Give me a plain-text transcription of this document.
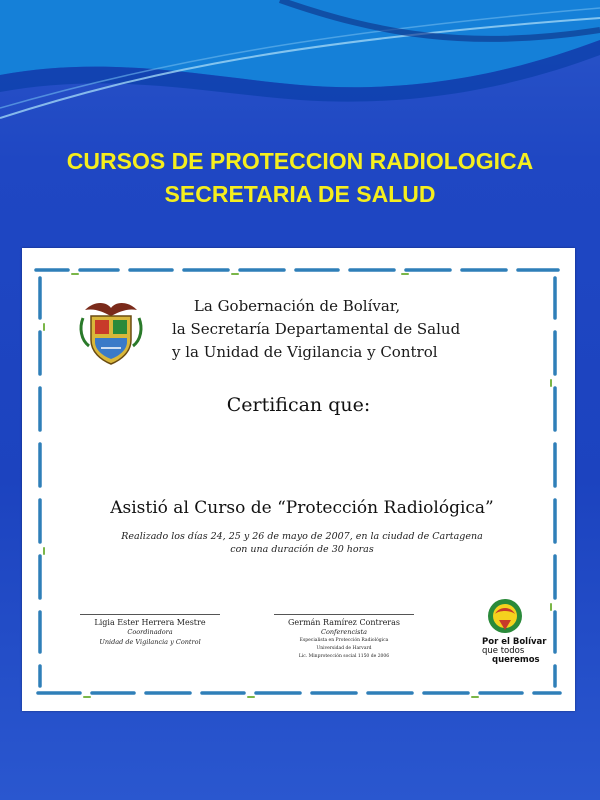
CURSOS DE PROTECCION RADIOLOGICA
SECRETARIA DE SALUD
La Gobernación de Bolívar,
la Secretaría Departamental de Salud
y la Unidad de Vigilancia y Control
Certifican que:
Asistió al Curso de “Protección Radiológica”
Realizado los días 24, 25 y 26 de mayo de 2007, en la ciudad de Cartagena
con una duración de 30 horas
Ligia Ester Herrera Mestre
Coordinadora
Unidad de Vigilancia y Control
Germán Ramírez Contreras
Conferencista
Especialista en Protección Radiológica
Universidad de Harvard
Lic. Minprotección social 1150 de 2006
Por el Bolívar
que todos
queremos
